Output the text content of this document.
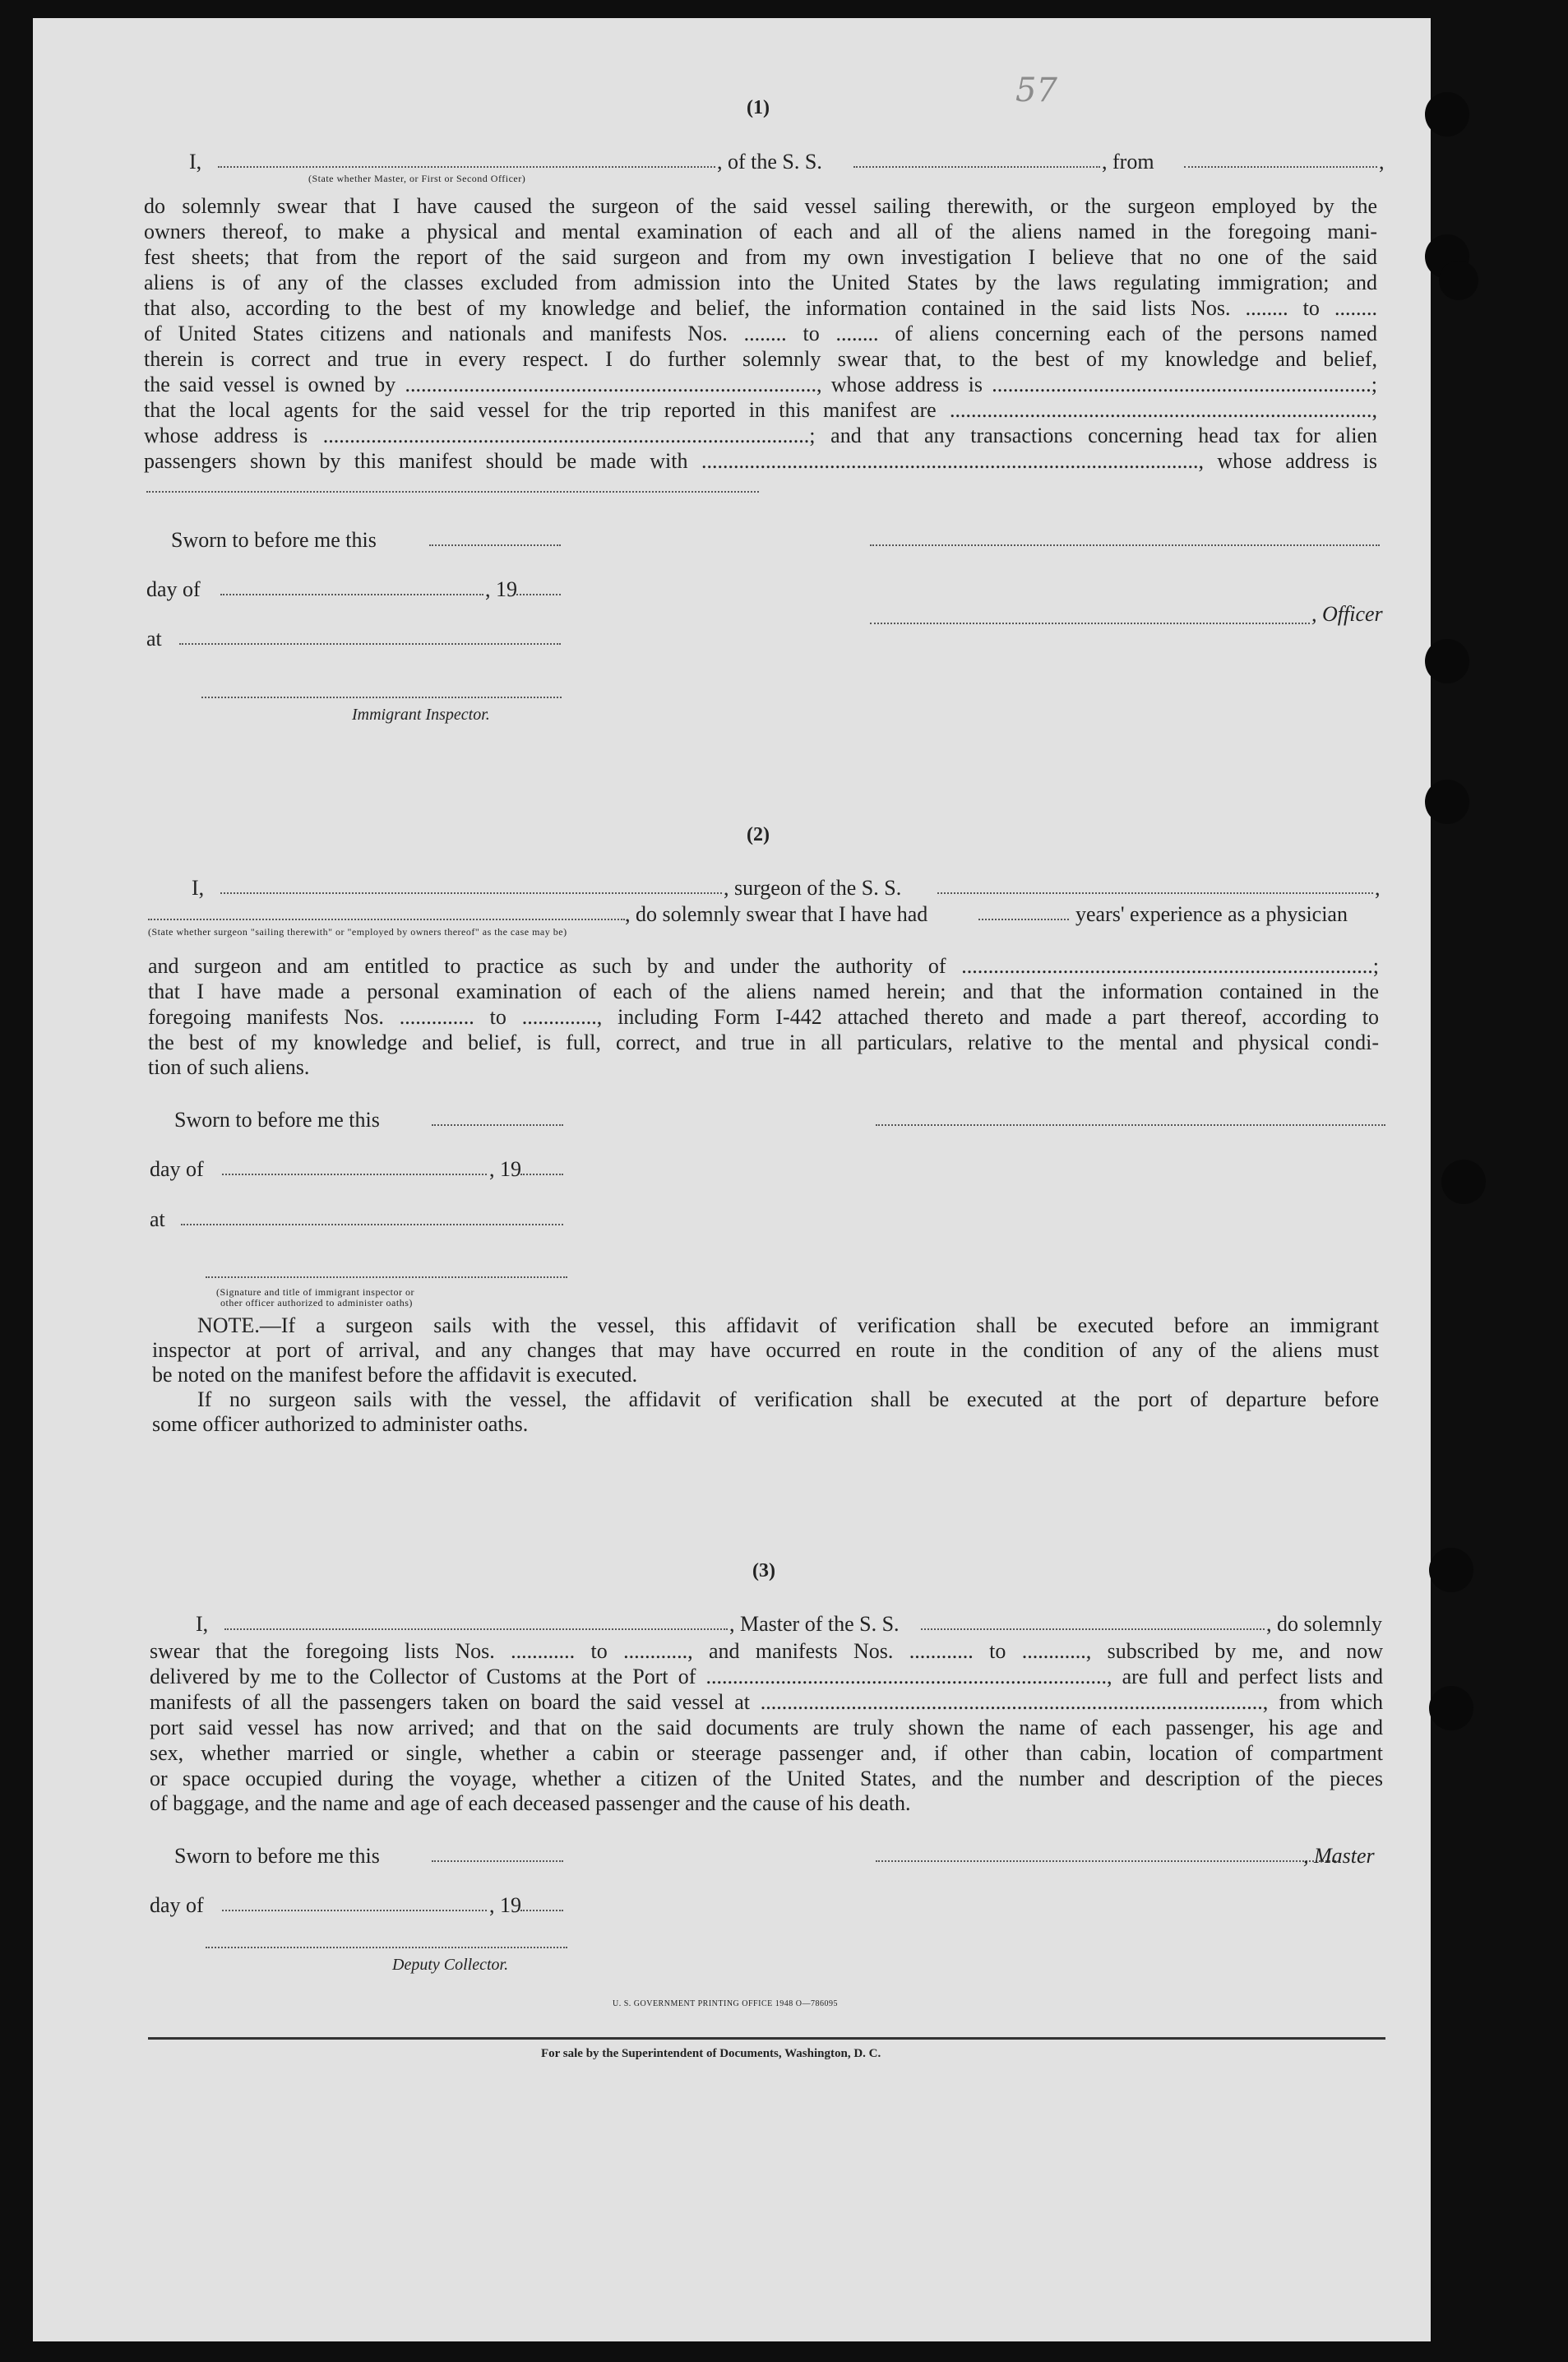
57
(1)
I,	, of the S. S.	, from	,
(State whether Master, or First or Second Officer)
do solemnly swear that I have caused the surgeon of the said vessel sailing therewith, or the surgeon employed by the
owners thereof, to make a physical and mental examination of each and all of the aliens named in the foregoing mani-
fest sheets; that from the report of the said surgeon and from my own investigation I believe that no one of the said
aliens is of any of the classes excluded from admission into the United States by the laws regulating immigration; and
that also, according to the best of my knowledge and belief, the information contained in the said lists Nos. ........ to ........
of United States citizens and nationals and manifests Nos. ........ to ........ of aliens concerning each of the persons named
therein is correct and true in every respect. I do further solemnly swear that, to the best of my knowledge and belief,
the said vessel is owned by ............................................................................., whose address is .......................................................................;
that the local agents for the said vessel for the trip reported in this manifest are ...............................................................................,
whose address is ...........................................................................................; and that any transactions concerning head tax for alien
passengers shown by this manifest should be made with ............................................................................................., whose address is
Sworn to before me this
day of	, 19
, Officer
at
Immigrant Inspector.
(2)
I,	, surgeon of the S. S.	,
, do solemnly swear that I have had	years' experience as a physician
(State whether surgeon "sailing therewith" or "employed by owners thereof" as the case may be)
and surgeon and am entitled to practice as such by and under the authority of .............................................................................;
that I have made a personal examination of each of the aliens named herein; and that the information contained in the
foregoing manifests Nos. .............. to .............., including Form I-442 attached thereto and made a part thereof, according to
the best of my knowledge and belief, is full, correct, and true in all particulars, relative to the mental and physical condi-
tion of such aliens.
Sworn to before me this
day of	, 19
at
(Signature and title of immigrant inspector or
other officer authorized to administer oaths)
NOTE.—If a surgeon sails with the vessel, this affidavit of verification shall be executed before an immigrant
inspector at port of arrival, and any changes that may have occurred en route in the condition of any of the aliens must
be noted on the manifest before the affidavit is executed.
If no surgeon sails with the vessel, the affidavit of verification shall be executed at the port of departure before
some officer authorized to administer oaths.
(3)
I,	, Master of the S. S.	, do solemnly
swear that the foregoing lists Nos. ............ to ............, and manifests Nos. ............ to ............, subscribed by me, and now
delivered by me to the Collector of Customs at the Port of ..........................................................................., are full and perfect lists and
manifests of all the passengers taken on board the said vessel at .............................................................................................., from which
port said vessel has now arrived; and that on the said documents are truly shown the name of each passenger, his age and
sex, whether married or single, whether a cabin or steerage passenger and, if other than cabin, location of compartment
or space occupied during the voyage, whether a citizen of the United States, and the number and description of the pieces
of baggage, and the name and age of each deceased passenger and the cause of his death.
Sworn to before me this	, Master
day of	, 19
Deputy Collector.
U. S. GOVERNMENT PRINTING OFFICE 1948 O—786095
For sale by the Superintendent of Documents, Washington, D. C.
